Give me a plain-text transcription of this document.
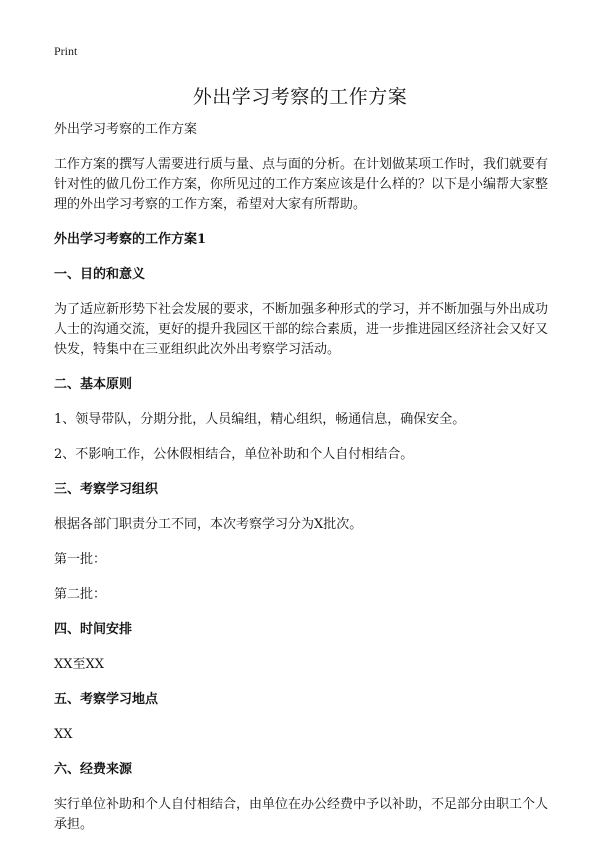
Print
外出学习考察的工作方案

外出学习考察的工作方案

工作方案的撰写人需要进行质与量、点与面的分析。在计划做某项工作时，我们就要有针对性的做几份工作方案，你所见过的工作方案应该是什么样的？以下是小编帮大家整理的外出学习考察的工作方案，希望对大家有所帮助。

外出学习考察的工作方案1

一、目的和意义

为了适应新形势下社会发展的要求，不断加强多种形式的学习，并不断加强与外出成功人士的沟通交流，更好的提升我园区干部的综合素质，进一步推进园区经济社会又好又快发，特集中在三亚组织此次外出考察学习活动。

二、基本原则

1、领导带队，分期分批，人员编组，精心组织，畅通信息，确保安全。

2、不影响工作，公休假相结合，单位补助和个人自付相结合。

三、考察学习组织

根据各部门职责分工不同，本次考察学习分为X批次。

第一批：

第二批：

四、时间安排

XX至XX

五、考察学习地点

XX

六、经费来源

实行单位补助和个人自付相结合，由单位在办公经费中予以补助，不足部分由职工个人承担。
